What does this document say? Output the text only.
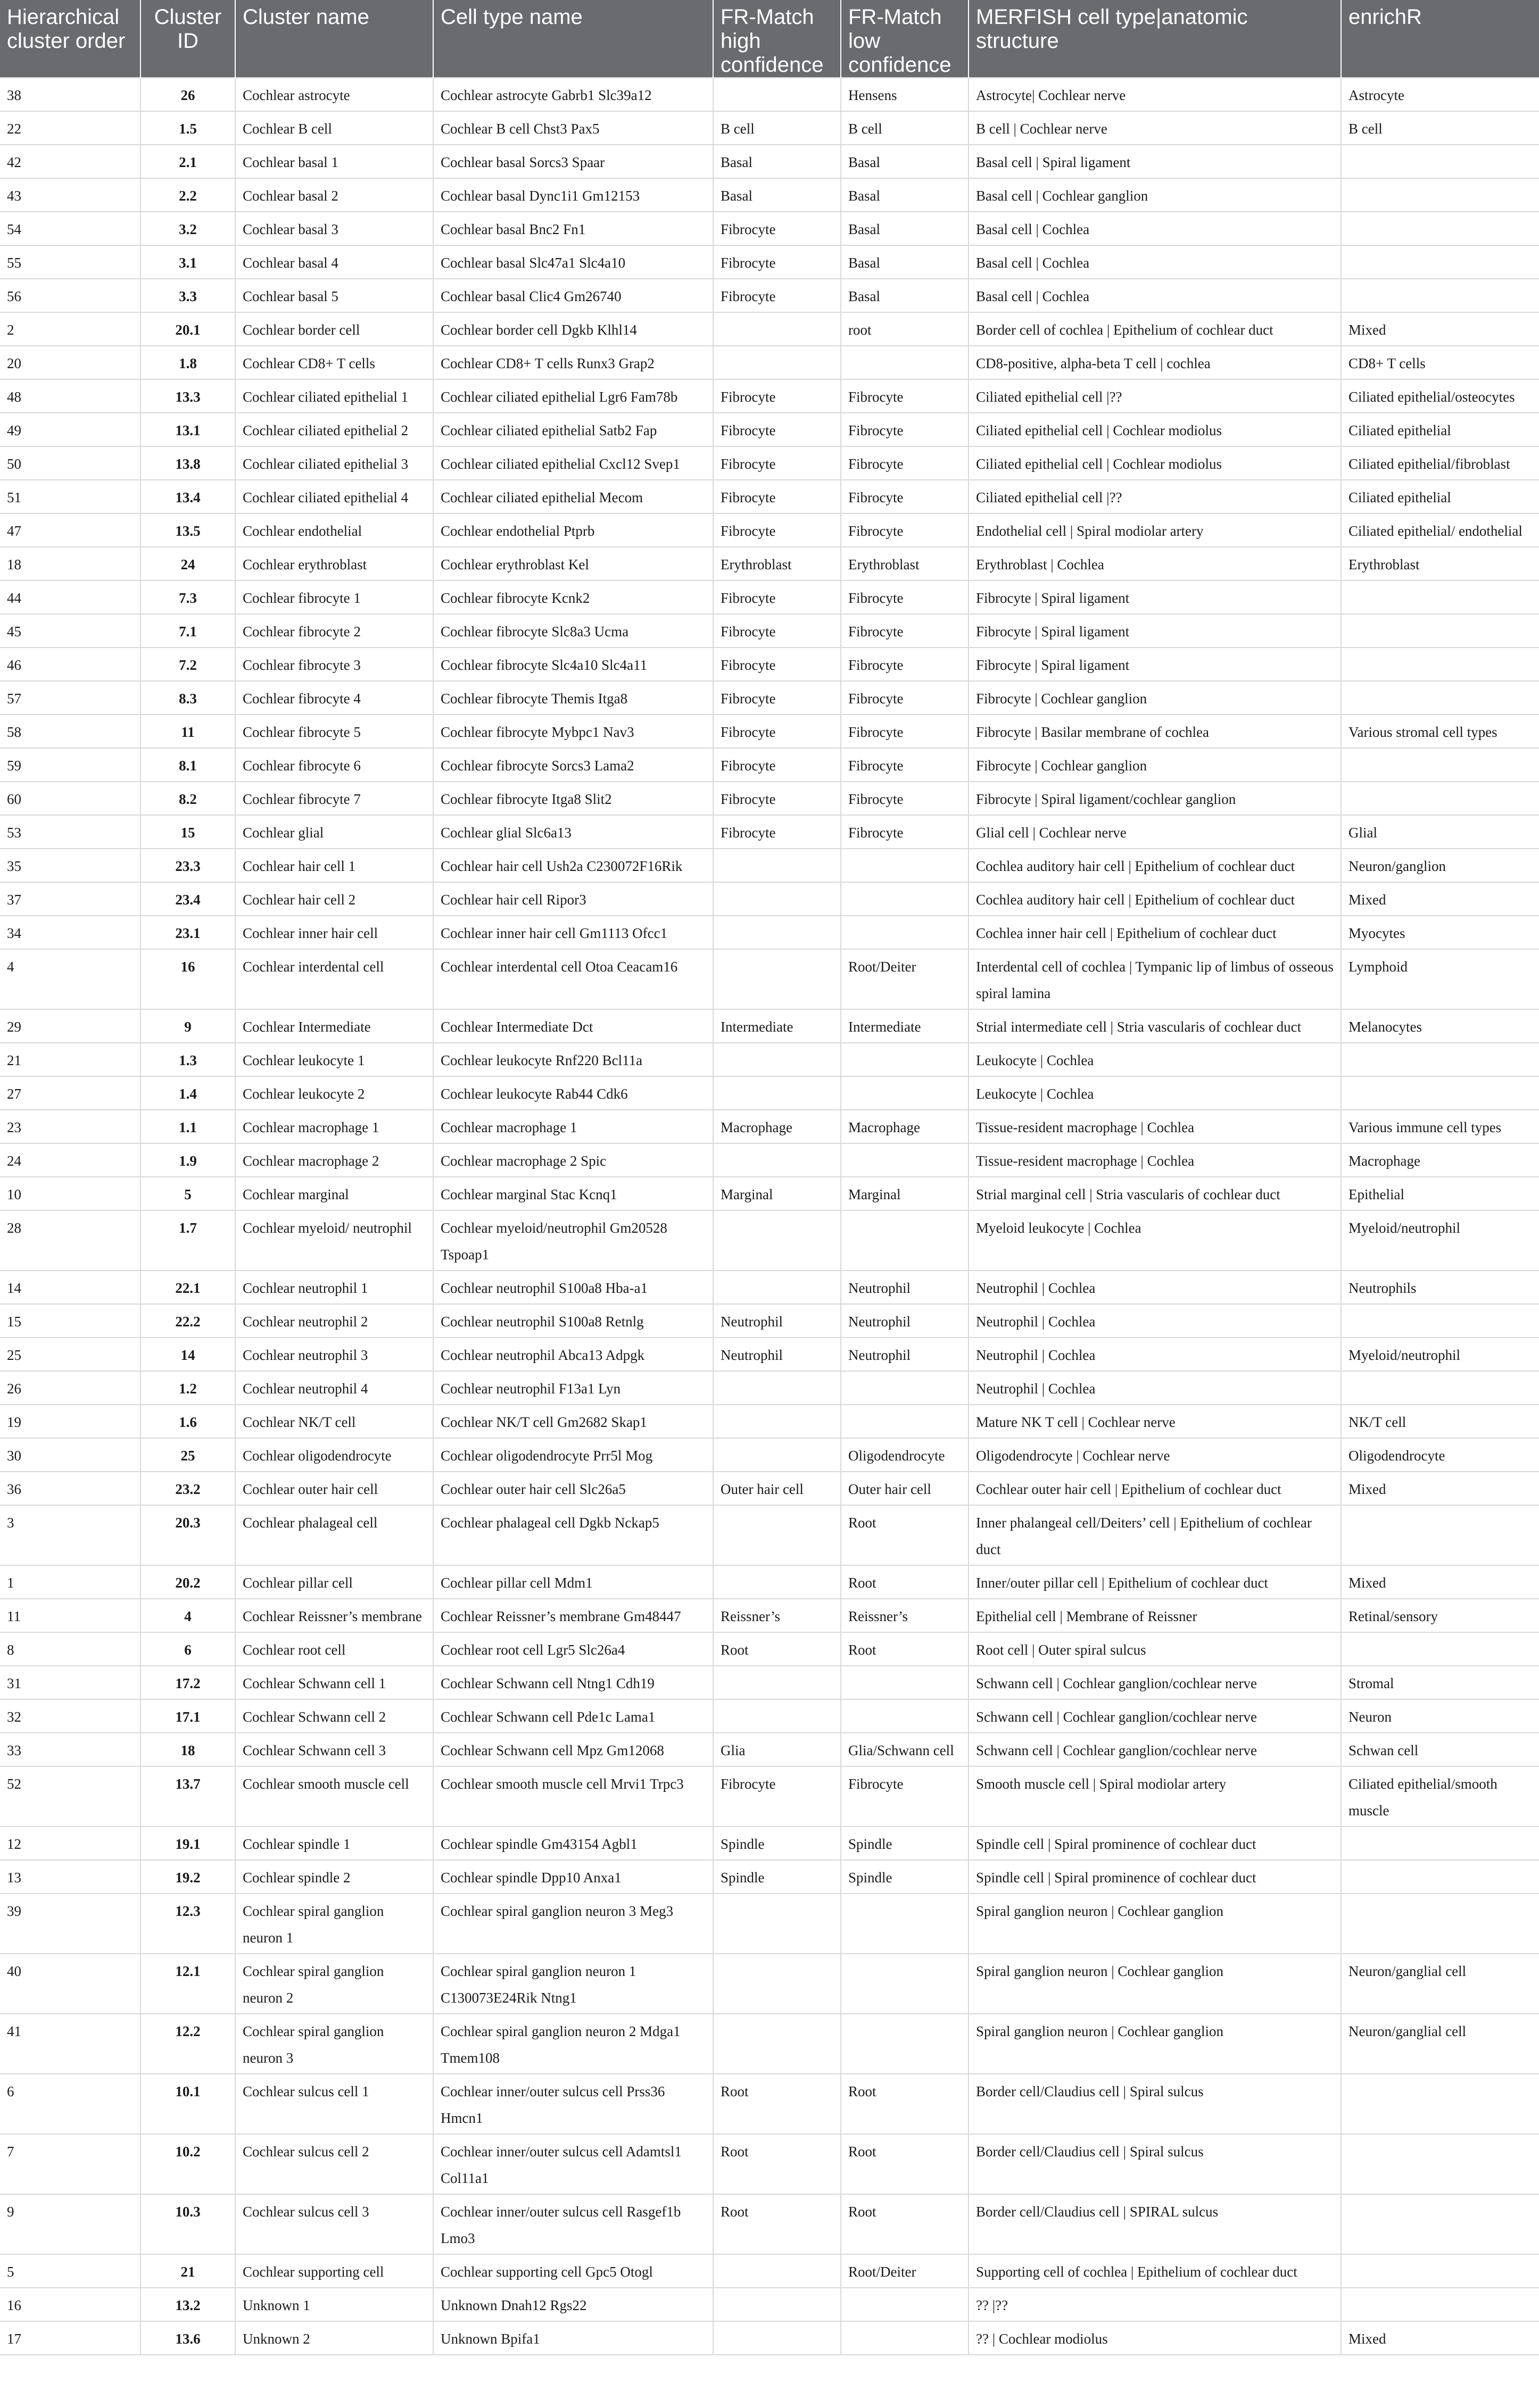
Hierarchical cluster order	Cluster ID	Cluster name	Cell type name	FR-Match high confidence	FR-Match low confidence	MERFISH cell type|anatomic structure	enrichR
38	26	Cochlear astrocyte	Cochlear astrocyte Gabrb1 Slc39a12		Hensens	Astrocyte| Cochlear nerve	Astrocyte
22	1.5	Cochlear B cell	Cochlear B cell Chst3 Pax5	B cell	B cell	B cell | Cochlear nerve	B cell
42	2.1	Cochlear basal 1	Cochlear basal Sorcs3 Spaar	Basal	Basal	Basal cell | Spiral ligament	
43	2.2	Cochlear basal 2	Cochlear basal Dync1i1 Gm12153	Basal	Basal	Basal cell | Cochlear ganglion	
54	3.2	Cochlear basal 3	Cochlear basal Bnc2 Fn1	Fibrocyte	Basal	Basal cell | Cochlea	
55	3.1	Cochlear basal 4	Cochlear basal Slc47a1 Slc4a10	Fibrocyte	Basal	Basal cell | Cochlea	
56	3.3	Cochlear basal 5	Cochlear basal Clic4 Gm26740	Fibrocyte	Basal	Basal cell | Cochlea	
2	20.1	Cochlear border cell	Cochlear border cell Dgkb Klhl14		root	Border cell of cochlea | Epithelium of cochlear duct	Mixed
20	1.8	Cochlear CD8+ T cells	Cochlear CD8+ T cells Runx3 Grap2			CD8-positive, alpha-beta T cell | cochlea	CD8+ T cells
48	13.3	Cochlear ciliated epithelial 1	Cochlear ciliated epithelial Lgr6 Fam78b	Fibrocyte	Fibrocyte	Ciliated epithelial cell |??	Ciliated epithelial/osteocytes
49	13.1	Cochlear ciliated epithelial 2	Cochlear ciliated epithelial Satb2 Fap	Fibrocyte	Fibrocyte	Ciliated epithelial cell | Cochlear modiolus	Ciliated epithelial
50	13.8	Cochlear ciliated epithelial 3	Cochlear ciliated epithelial Cxcl12 Svep1	Fibrocyte	Fibrocyte	Ciliated epithelial cell | Cochlear modiolus	Ciliated epithelial/fibroblast
51	13.4	Cochlear ciliated epithelial 4	Cochlear ciliated epithelial Mecom	Fibrocyte	Fibrocyte	Ciliated epithelial cell |??	Ciliated epithelial
47	13.5	Cochlear endothelial	Cochlear endothelial Ptprb	Fibrocyte	Fibrocyte	Endothelial cell | Spiral modiolar artery	Ciliated epithelial/ endothelial
18	24	Cochlear erythroblast	Cochlear erythroblast Kel	Erythroblast	Erythroblast	Erythroblast | Cochlea	Erythroblast
44	7.3	Cochlear fibrocyte 1	Cochlear fibrocyte Kcnk2	Fibrocyte	Fibrocyte	Fibrocyte | Spiral ligament	
45	7.1	Cochlear fibrocyte 2	Cochlear fibrocyte Slc8a3 Ucma	Fibrocyte	Fibrocyte	Fibrocyte | Spiral ligament	
46	7.2	Cochlear fibrocyte 3	Cochlear fibrocyte Slc4a10 Slc4a11	Fibrocyte	Fibrocyte	Fibrocyte | Spiral ligament	
57	8.3	Cochlear fibrocyte 4	Cochlear fibrocyte Themis Itga8	Fibrocyte	Fibrocyte	Fibrocyte | Cochlear ganglion	
58	11	Cochlear fibrocyte 5	Cochlear fibrocyte Mybpc1 Nav3	Fibrocyte	Fibrocyte	Fibrocyte | Basilar membrane of cochlea	Various stromal cell types
59	8.1	Cochlear fibrocyte 6	Cochlear fibrocyte Sorcs3 Lama2	Fibrocyte	Fibrocyte	Fibrocyte | Cochlear ganglion	
60	8.2	Cochlear fibrocyte 7	Cochlear fibrocyte Itga8 Slit2	Fibrocyte	Fibrocyte	Fibrocyte | Spiral ligament/cochlear ganglion	
53	15	Cochlear glial	Cochlear glial Slc6a13	Fibrocyte	Fibrocyte	Glial cell | Cochlear nerve	Glial
35	23.3	Cochlear hair cell 1	Cochlear hair cell Ush2a C230072F16Rik			Cochlea auditory hair cell | Epithelium of cochlear duct	Neuron/ganglion
37	23.4	Cochlear hair cell 2	Cochlear hair cell Ripor3			Cochlea auditory hair cell | Epithelium of cochlear duct	Mixed
34	23.1	Cochlear inner hair cell	Cochlear inner hair cell Gm1113 Ofcc1			Cochlea inner hair cell | Epithelium of cochlear duct	Myocytes
4	16	Cochlear interdental cell	Cochlear interdental cell Otoa Ceacam16		Root/Deiter	Interdental cell of cochlea | Tympanic lip of limbus of osseous spiral lamina	Lymphoid
29	9	Cochlear Intermediate	Cochlear Intermediate Dct	Intermediate	Intermediate	Strial intermediate cell | Stria vascularis of cochlear duct	Melanocytes
21	1.3	Cochlear leukocyte 1	Cochlear leukocyte Rnf220 Bcl11a			Leukocyte | Cochlea	
27	1.4	Cochlear leukocyte 2	Cochlear leukocyte Rab44 Cdk6			Leukocyte | Cochlea	
23	1.1	Cochlear macrophage 1	Cochlear macrophage 1	Macrophage	Macrophage	Tissue-resident macrophage | Cochlea	Various immune cell types
24	1.9	Cochlear macrophage 2	Cochlear macrophage 2 Spic			Tissue-resident macrophage | Cochlea	Macrophage
10	5	Cochlear marginal	Cochlear marginal Stac Kcnq1	Marginal	Marginal	Strial marginal cell | Stria vascularis of cochlear duct	Epithelial
28	1.7	Cochlear myeloid/ neutrophil	Cochlear myeloid/neutrophil Gm20528 Tspoap1			Myeloid leukocyte | Cochlea	Myeloid/neutrophil
14	22.1	Cochlear neutrophil 1	Cochlear neutrophil S100a8 Hba-a1		Neutrophil	Neutrophil | Cochlea	Neutrophils
15	22.2	Cochlear neutrophil 2	Cochlear neutrophil S100a8 Retnlg	Neutrophil	Neutrophil	Neutrophil | Cochlea	
25	14	Cochlear neutrophil 3	Cochlear neutrophil Abca13 Adpgk	Neutrophil	Neutrophil	Neutrophil | Cochlea	Myeloid/neutrophil
26	1.2	Cochlear neutrophil 4	Cochlear neutrophil F13a1 Lyn			Neutrophil | Cochlea	
19	1.6	Cochlear NK/T cell	Cochlear NK/T cell Gm2682 Skap1			Mature NK T cell | Cochlear nerve	NK/T cell
30	25	Cochlear oligodendrocyte	Cochlear oligodendrocyte Prr5l Mog		Oligodendrocyte	Oligodendrocyte | Cochlear nerve	Oligodendrocyte
36	23.2	Cochlear outer hair cell	Cochlear outer hair cell Slc26a5	Outer hair cell	Outer hair cell	Cochlear outer hair cell | Epithelium of cochlear duct	Mixed
3	20.3	Cochlear phalageal cell	Cochlear phalageal cell Dgkb Nckap5		Root	Inner phalangeal cell/Deiters’ cell | Epithelium of cochlear duct	
1	20.2	Cochlear pillar cell	Cochlear pillar cell Mdm1		Root	Inner/outer pillar cell | Epithelium of cochlear duct	Mixed
11	4	Cochlear Reissner’s membrane	Cochlear Reissner’s membrane Gm48447	Reissner’s	Reissner’s	Epithelial cell | Membrane of Reissner	Retinal/sensory
8	6	Cochlear root cell	Cochlear root cell Lgr5 Slc26a4	Root	Root	Root cell | Outer spiral sulcus	
31	17.2	Cochlear Schwann cell 1	Cochlear Schwann cell Ntng1 Cdh19			Schwann cell | Cochlear ganglion/cochlear nerve	Stromal
32	17.1	Cochlear Schwann cell 2	Cochlear Schwann cell Pde1c Lama1			Schwann cell | Cochlear ganglion/cochlear nerve	Neuron
33	18	Cochlear Schwann cell 3	Cochlear Schwann cell Mpz Gm12068	Glia	Glia/Schwann cell	Schwann cell | Cochlear ganglion/cochlear nerve	Schwan cell
52	13.7	Cochlear smooth muscle cell	Cochlear smooth muscle cell Mrvi1 Trpc3	Fibrocyte	Fibrocyte	Smooth muscle cell | Spiral modiolar artery	Ciliated epithelial/smooth muscle
12	19.1	Cochlear spindle 1	Cochlear spindle Gm43154 Agbl1	Spindle	Spindle	Spindle cell | Spiral prominence of cochlear duct	
13	19.2	Cochlear spindle 2	Cochlear spindle Dpp10 Anxa1	Spindle	Spindle	Spindle cell | Spiral prominence of cochlear duct	
39	12.3	Cochlear spiral ganglion neuron 1	Cochlear spiral ganglion neuron 3 Meg3			Spiral ganglion neuron | Cochlear ganglion	
40	12.1	Cochlear spiral ganglion neuron 2	Cochlear spiral ganglion neuron 1 C130073E24Rik Ntng1			Spiral ganglion neuron | Cochlear ganglion	Neuron/ganglial cell
41	12.2	Cochlear spiral ganglion neuron 3	Cochlear spiral ganglion neuron 2 Mdga1 Tmem108			Spiral ganglion neuron | Cochlear ganglion	Neuron/ganglial cell
6	10.1	Cochlear sulcus cell 1	Cochlear inner/outer sulcus cell Prss36 Hmcn1	Root	Root	Border cell/Claudius cell | Spiral sulcus	
7	10.2	Cochlear sulcus cell 2	Cochlear inner/outer sulcus cell Adamtsl1 Col11a1	Root	Root	Border cell/Claudius cell | Spiral sulcus	
9	10.3	Cochlear sulcus cell 3	Cochlear inner/outer sulcus cell Rasgef1b Lmo3	Root	Root	Border cell/Claudius cell | SPIRAL sulcus	
5	21	Cochlear supporting cell	Cochlear supporting cell Gpc5 Otogl		Root/Deiter	Supporting cell of cochlea | Epithelium of cochlear duct	
16	13.2	Unknown 1	Unknown Dnah12 Rgs22			?? |??	
17	13.6	Unknown 2	Unknown Bpifa1			?? | Cochlear modiolus	Mixed
